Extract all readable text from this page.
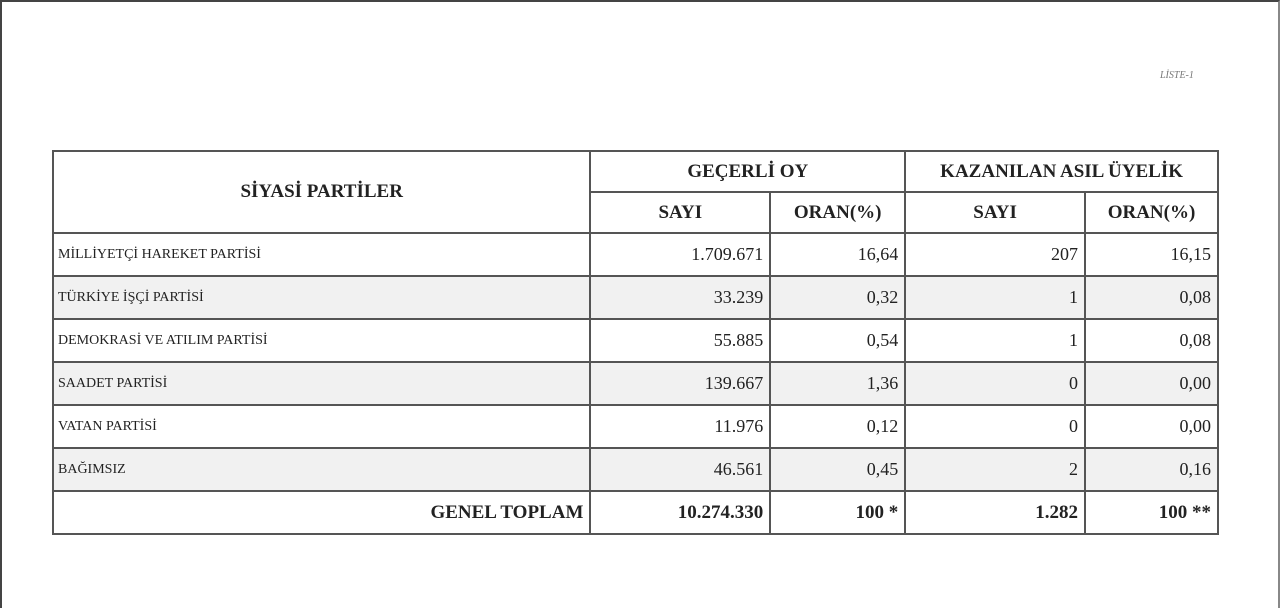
LİSTE-1
SİYASİ PARTİLER	GEÇERLİ OY		KAZANILAN ASIL ÜYELİK	
	SAYI	ORAN(%)	SAYI	ORAN(%)
MİLLİYETÇİ HAREKET PARTİSİ	1.709.671	16,64	207	16,15
TÜRKİYE İŞÇİ PARTİSİ	33.239	0,32	1	0,08
DEMOKRASİ VE ATILIM PARTİSİ	55.885	0,54	1	0,08
SAADET PARTİSİ	139.667	1,36	0	0,00
VATAN PARTİSİ	11.976	0,12	0	0,00
BAĞIMSIZ	46.561	0,45	2	0,16
GENEL TOPLAM	10.274.330	100 *	1.282	100 **
